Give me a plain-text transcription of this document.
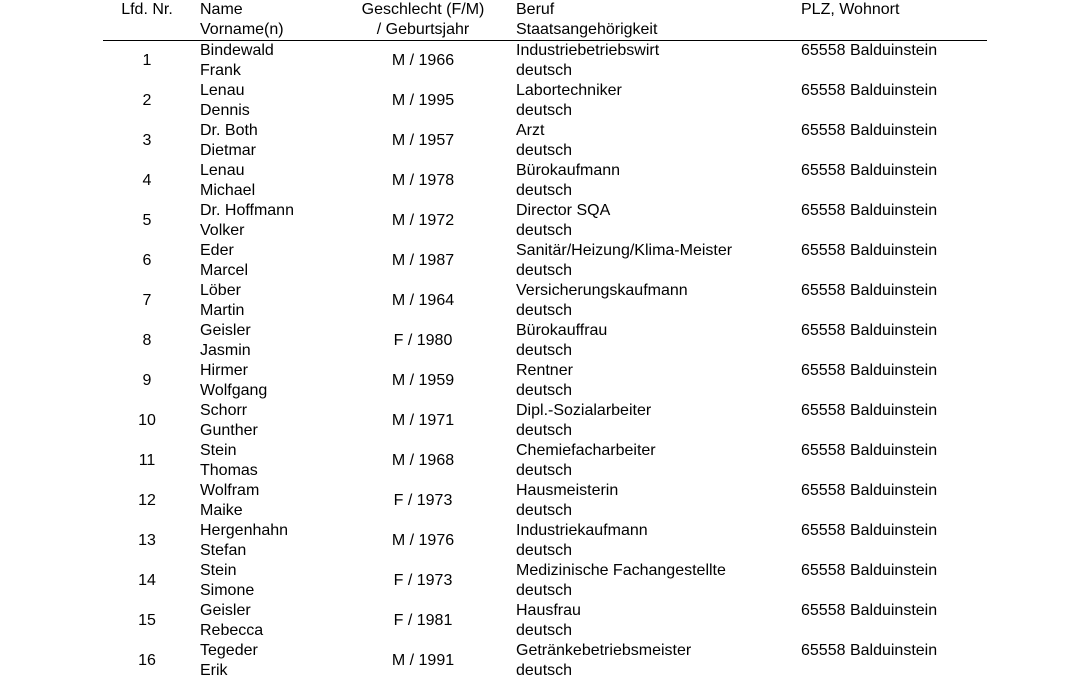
Lfd. Nr.	Name
Vorname(n)
Geschlecht (F/M)
/ Geburtsjahr
Beruf
Staatsangehörigkeit
PLZ, Wohnort
1
Bindewald
Frank
M / 1966
Industriebetriebswirt
deutsch
65558 Balduinstein
2
Lenau
Dennis
M / 1995
Labortechniker
deutsch
65558 Balduinstein
3
Dr. Both
Dietmar
M / 1957
Arzt
deutsch
65558 Balduinstein
4
Lenau
Michael
M / 1978
Bürokaufmann
deutsch
65558 Balduinstein
5
Dr. Hoffmann
Volker
M / 1972
Director SQA
deutsch
65558 Balduinstein
6
Eder
Marcel
M / 1987
Sanitär/Heizung/Klima-Meister
deutsch
65558 Balduinstein
7
Löber
Martin
M / 1964
Versicherungskaufmann
deutsch
65558 Balduinstein
8
Geisler
Jasmin
F / 1980
Bürokauffrau
deutsch
65558 Balduinstein
9
Hirmer
Wolfgang
M / 1959
Rentner
deutsch
65558 Balduinstein
10
Schorr
Gunther
M / 1971
Dipl.-Sozialarbeiter
deutsch
65558 Balduinstein
11
Stein
Thomas
M / 1968
Chemiefacharbeiter
deutsch
65558 Balduinstein
12
Wolfram
Maike
F / 1973
Hausmeisterin
deutsch
65558 Balduinstein
13
Hergenhahn
Stefan
M / 1976
Industriekaufmann
deutsch
65558 Balduinstein
14
Stein
Simone
F / 1973
Medizinische Fachangestellte
deutsch
65558 Balduinstein
15
Geisler
Rebecca
F / 1981
Hausfrau
deutsch
65558 Balduinstein
16
Tegeder
Erik
M / 1991
Getränkebetriebsmeister
deutsch
65558 Balduinstein
